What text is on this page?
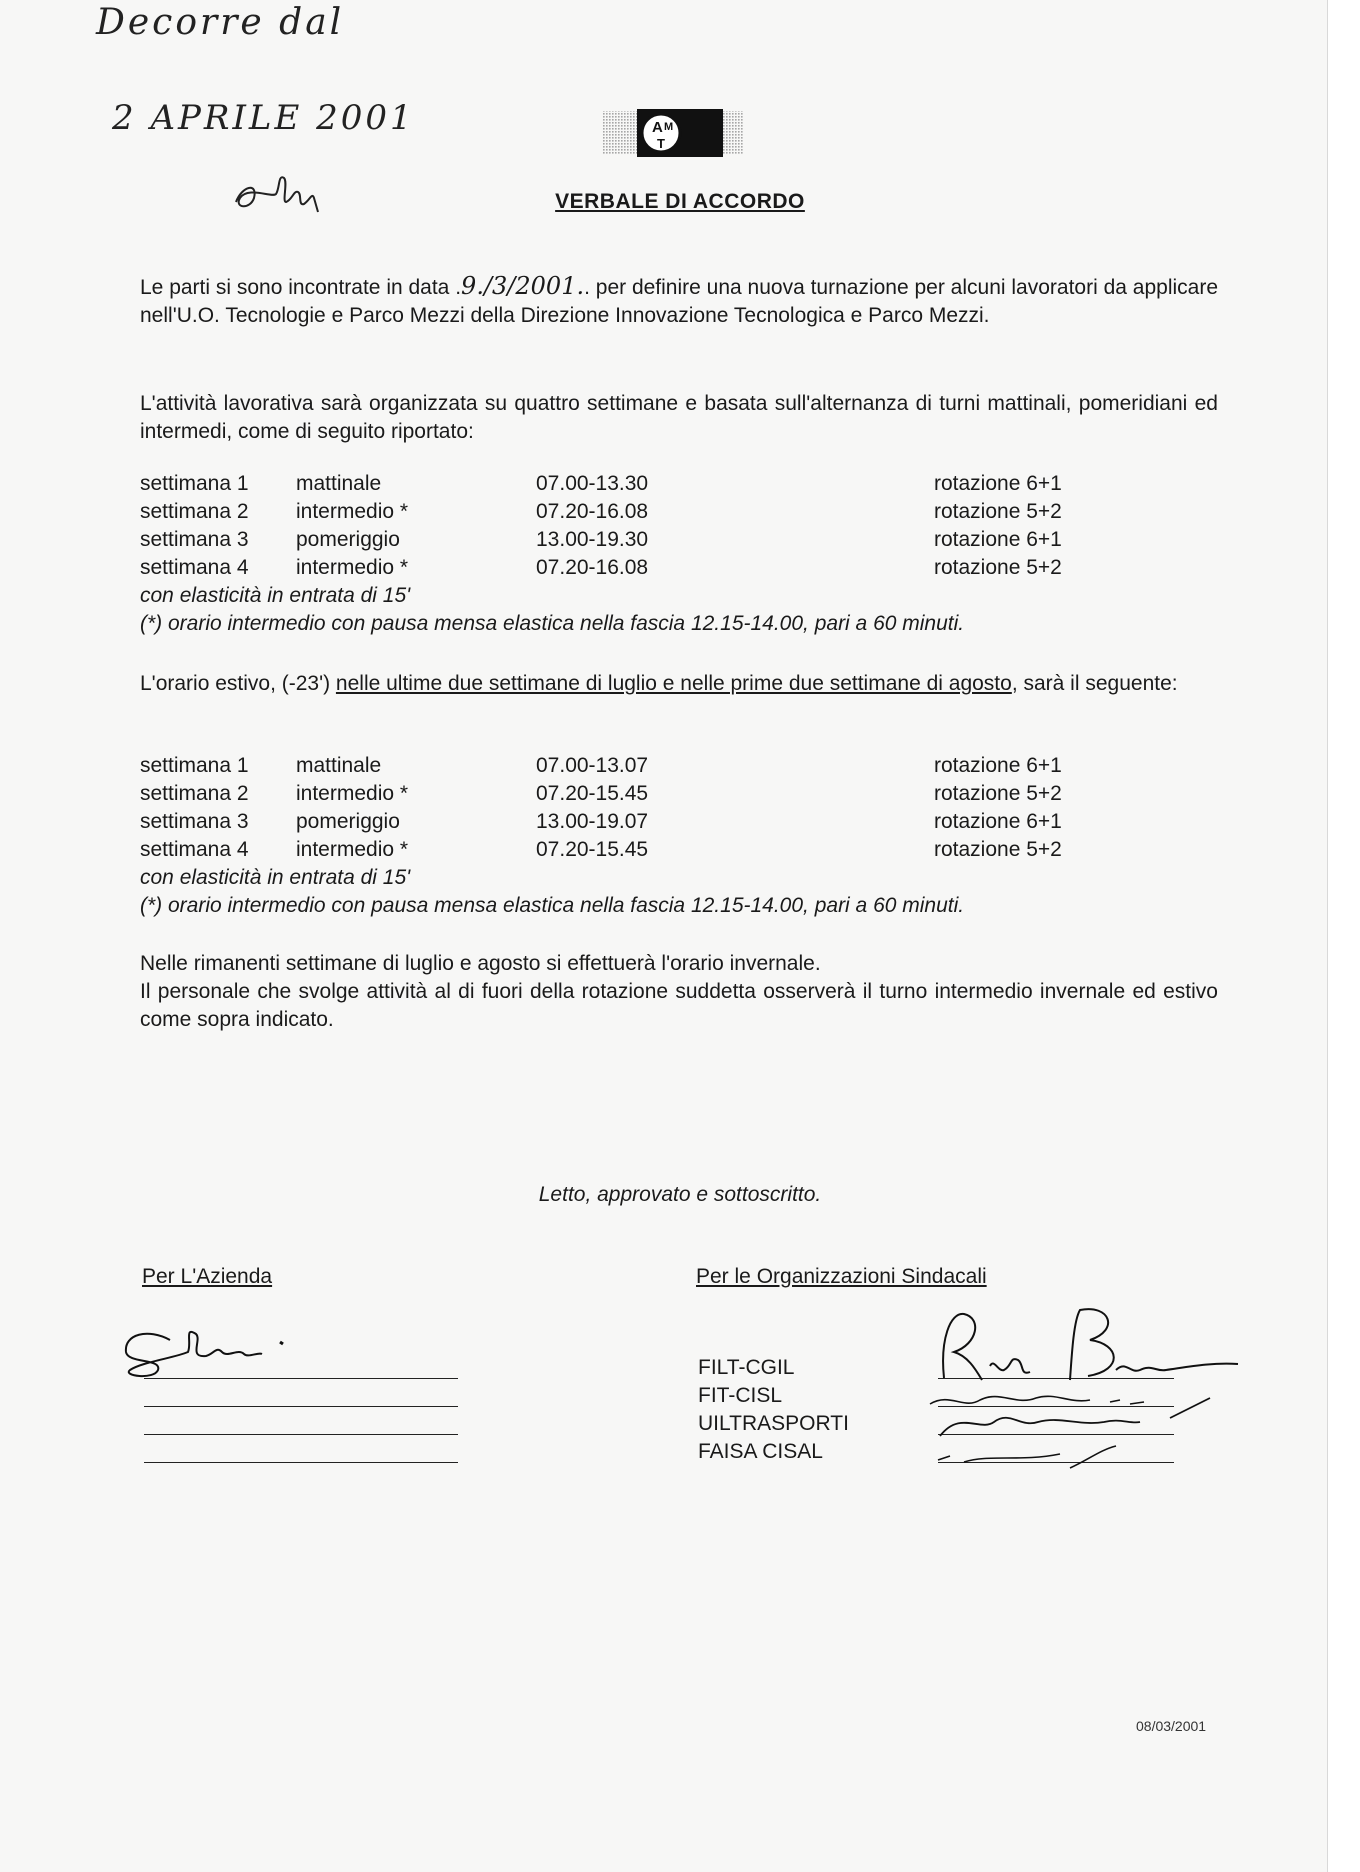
Decorre dal
2 APRILE 2001	A M
T
VERBALE DI ACCORDO
Le parti si sono incontrate in data .9./3/2001.. per definire una nuova turnazione per alcuni lavoratori da applicare nell'U.O. Tecnologie e Parco Mezzi della Direzione Innovazione Tecnologica e Parco Mezzi.
L'attività lavorativa sarà organizzata su quattro settimane e basata sull'alternanza di turni mattinali, pomeridiani ed intermedi, come di seguito riportato:
settimana 1 mattinale	07.00-13.30	rotazione 6+1
settimana 2 intermedio *	07.20-16.08	rotazione 5+2
settimana 3 pomeriggio	13.00-19.30	rotazione 6+1
settimana 4 intermedio *	07.20-16.08	rotazione 5+2
con elasticità in entrata di 15'
(*) orario intermedio con pausa mensa elastica nella fascia 12.15-14.00, pari a 60 minuti.
L'orario estivo, (-23') nelle ultime due settimane di luglio e nelle prime due settimane di agosto, sarà il seguente:
settimana 1 mattinale	07.00-13.07	rotazione 6+1
settimana 2 intermedio *	07.20-15.45	rotazione 5+2
settimana 3 pomeriggio	13.00-19.07	rotazione 6+1
settimana 4 intermedio *	07.20-15.45	rotazione 5+2
con elasticità in entrata di 15'
(*) orario intermedio con pausa mensa elastica nella fascia 12.15-14.00, pari a 60 minuti.
Nelle rimanenti settimane di luglio e agosto si effettuerà l'orario invernale.
Il personale che svolge attività al di fuori della rotazione suddetta osserverà il turno intermedio invernale ed estivo come sopra indicato.
Letto, approvato e sottoscritto.
Per L'Azienda	Per le Organizzazioni Sindacali
FILT-CGIL
FIT-CISL
UILTRASPORTI
FAISA CISAL
08/03/2001
